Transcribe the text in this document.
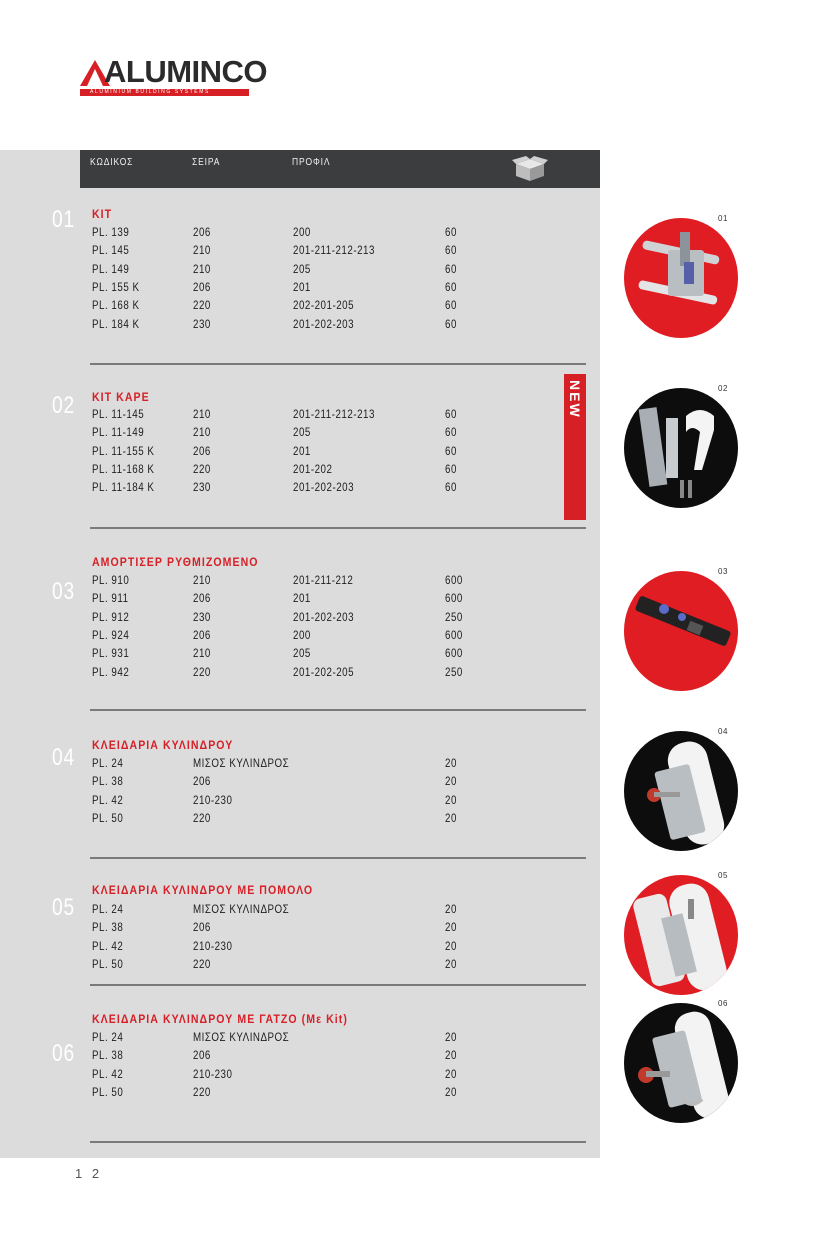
ALUMINCO
ALUMINIUM BUILDING SYSTEMS
ΚΩΔΙΚΟΣ	ΣΕΙΡΑ	ΠΡΟΦΙΛ
01 KIT
PL. 139	206	200	60
PL. 145	210	201-211-212-213	60
PL. 149	210	205	60
PL. 155 K	206	201	60
PL. 168 K	220	202-201-205	60
PL. 184 K	230	201-202-203	60
02 KIT ΚΑΡΕ
PL. 11-145	210	201-211-212-213	60
PL. 11-149	210	205	60
PL. 11-155 K	206	201	60
PL. 11-168 K	220	201-202	60
PL. 11-184 K	230	201-202-203	60
03
ΑΜΟΡΤΙΣΕΡ ΡΥΘΜΙΖΟΜΕΝΟ
PL. 910	210	201-211-212	600
PL. 911	206	201	600
PL. 912	230	201-202-203	250
PL. 924	206	200	600
PL. 931	210	205	600
PL. 942	220	201-202-205	250
04 ΚΛΕΙΔΑΡΙΑ ΚΥΛΙΝΔΡΟΥ
PL. 24	ΜΙΣΟΣ ΚΥΛΙΝΔΡΟΣ	20
PL. 38	206	20
PL. 42	210-230	20
PL. 50	220	20
05
ΚΛΕΙΔΑΡΙΑ ΚΥΛΙΝΔΡΟΥ ΜΕ ΠΟΜΟΛΟ
PL. 24	ΜΙΣΟΣ ΚΥΛΙΝΔΡΟΣ	20
PL. 38	206	20
PL. 42	210-230	20
PL. 50	220	20
06
ΚΛΕΙΔΑΡΙΑ ΚΥΛΙΝΔΡΟΥ ΜΕ ΓΑΤΖΟ (Με Kit)
PL. 24	ΜΙΣΟΣ ΚΥΛΙΝΔΡΟΣ	20
PL. 38	206	20
PL. 42	210-230	20
PL. 50	220	20
NEW
01
02
03
04
05
06
1 2
